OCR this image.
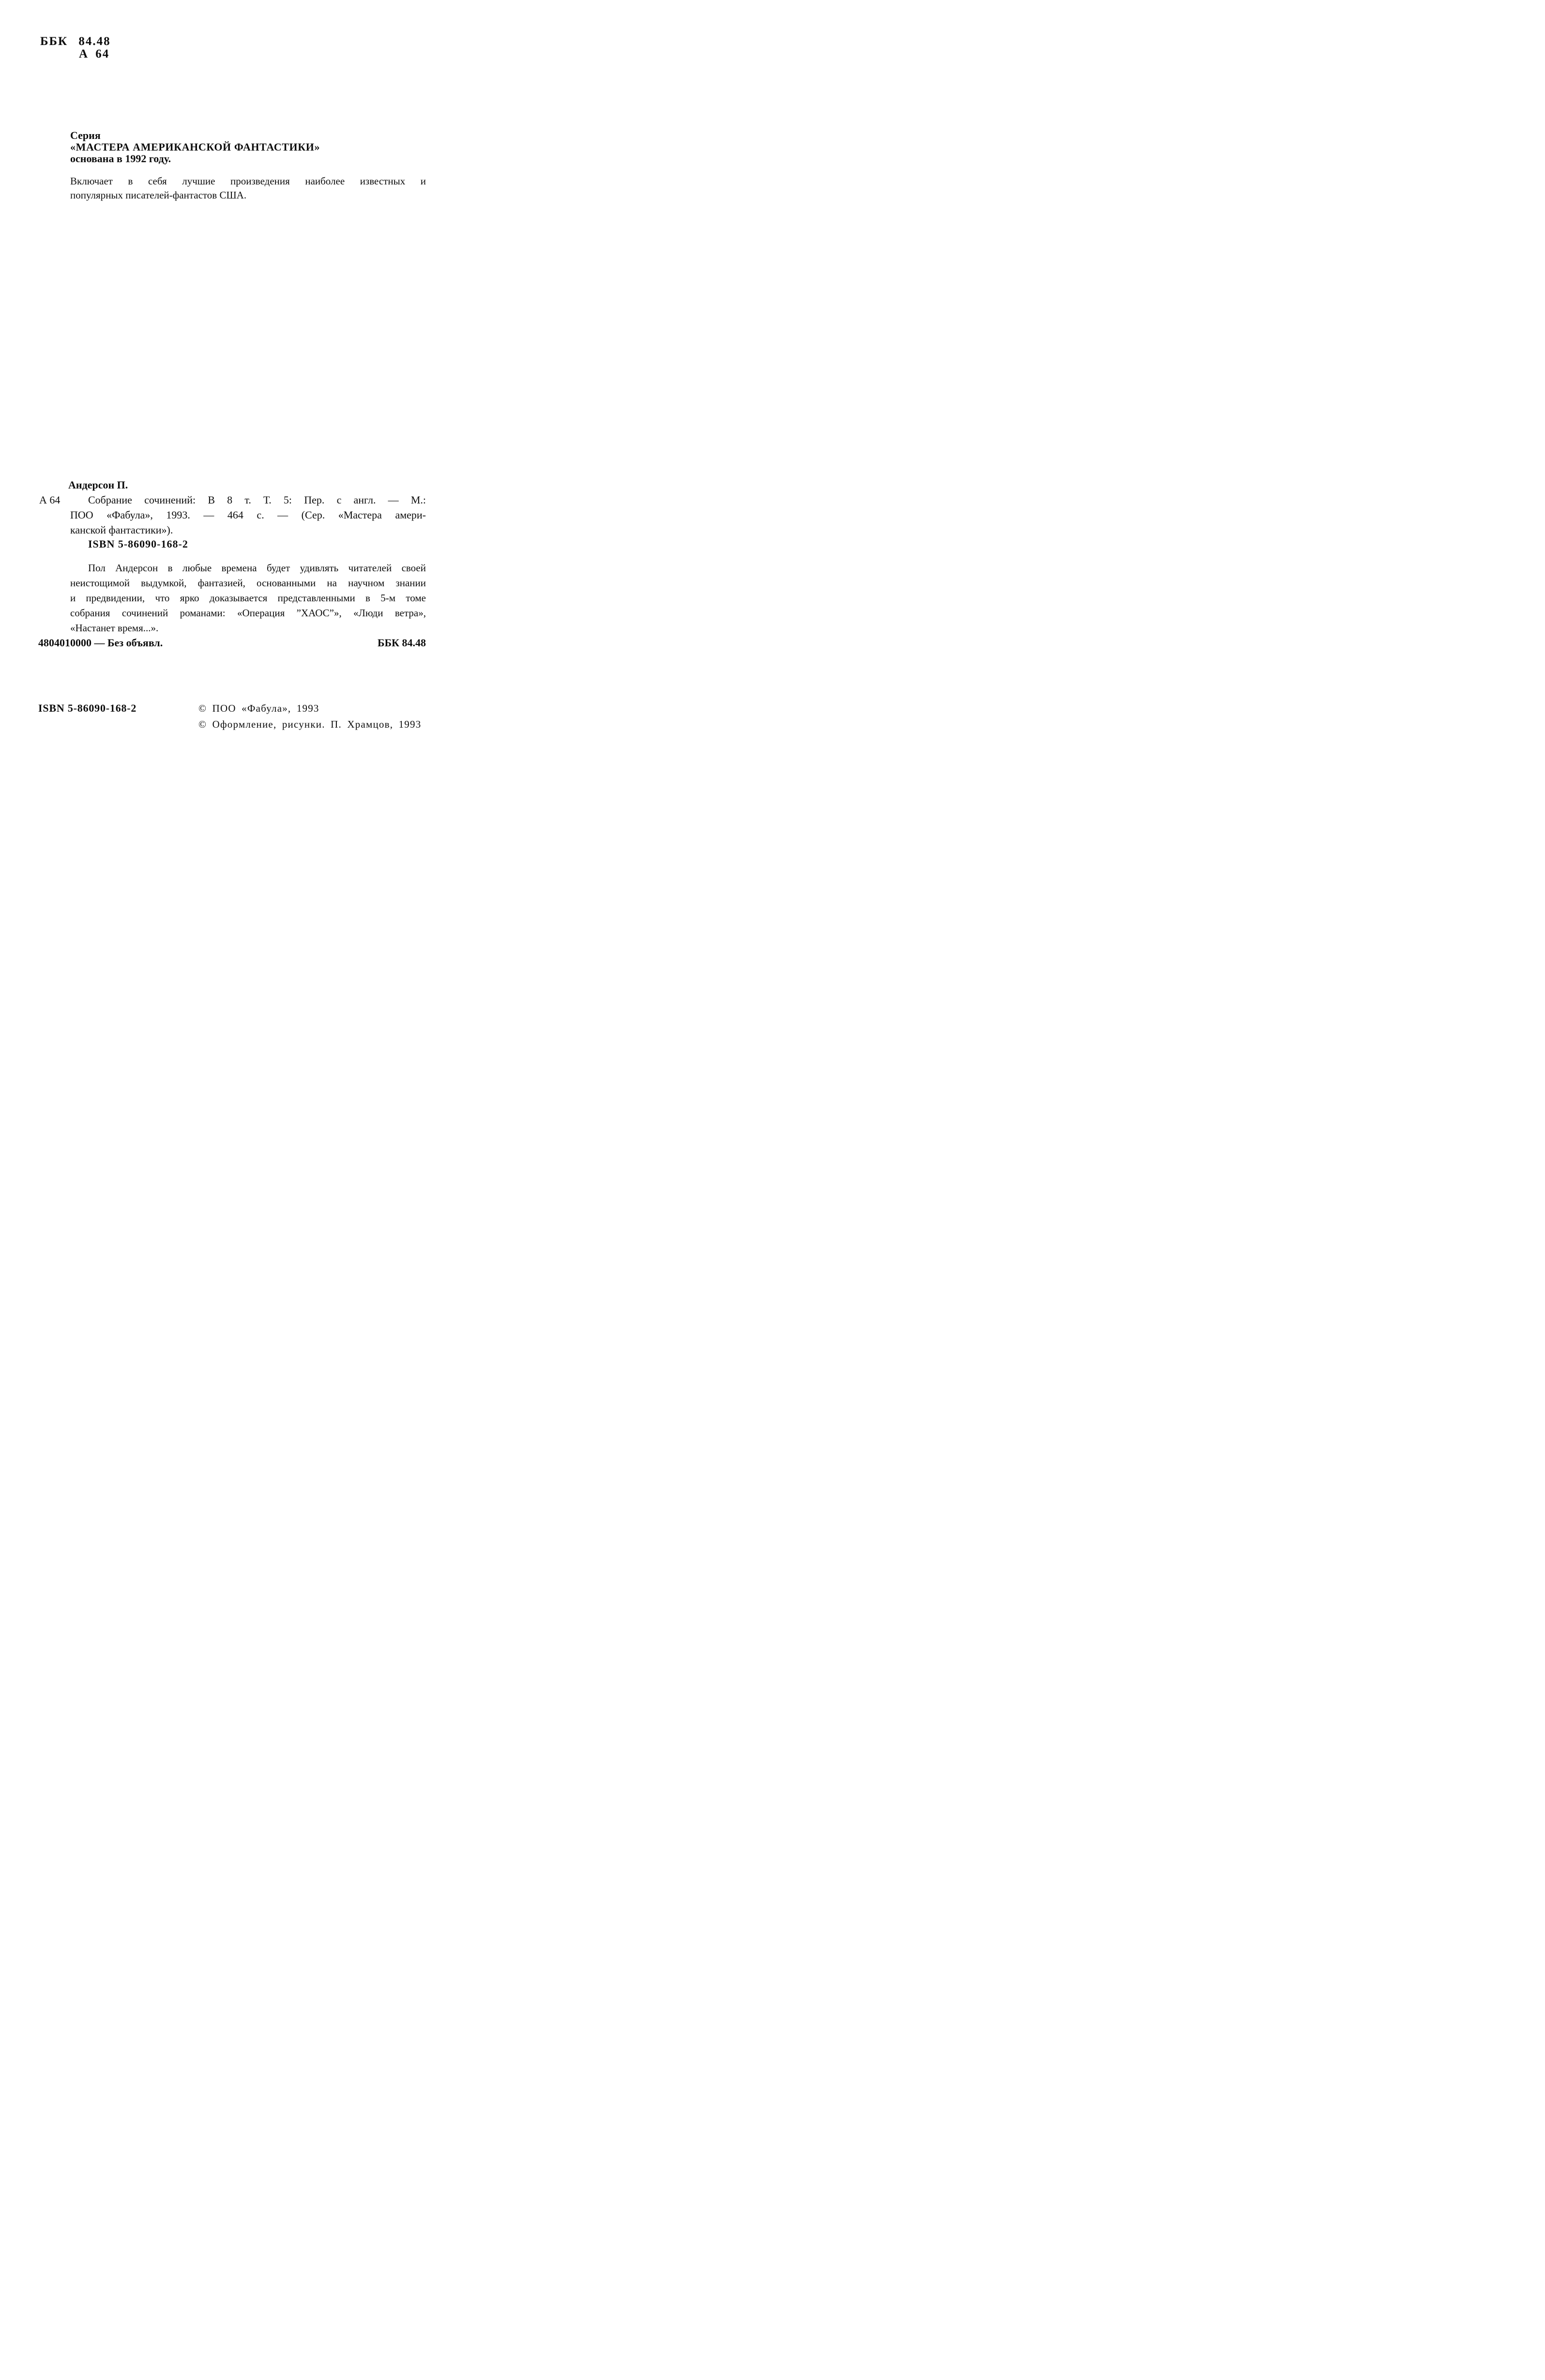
ББК 84.48
А 64
Серия
«МАСТЕРА АМЕРИКАНСКОЙ ФАНТАСТИКИ»
основана в 1992 году.
Включает в себя лучшие произведения наиболее известных и
популярных писателей-фантастов США.
Андерсон П.
А 64	Собрание сочинений: В 8 т. Т. 5: Пер. с англ. — М.:
ПОО «Фабула», 1993. — 464 с. — (Сер. «Мастера амери-
канской фантастики»).
ISBN 5-86090-168-2
Пол Андерсон в любые времена будет удивлять читателей своей
неистощимой выдумкой, фантазией, основанными на научном знании
и предвидении, что ярко доказывается представленными в 5-м томе
собрания сочинений романами: «Операция ”ХАОС”», «Люди ветра»,
«Настанет время...».
4804010000 — Без объявл.	ББК 84.48
ISBN 5-86090-168-2	© ПОО «Фабула», 1993
© Оформление, рисунки. П. Храмцов, 1993
